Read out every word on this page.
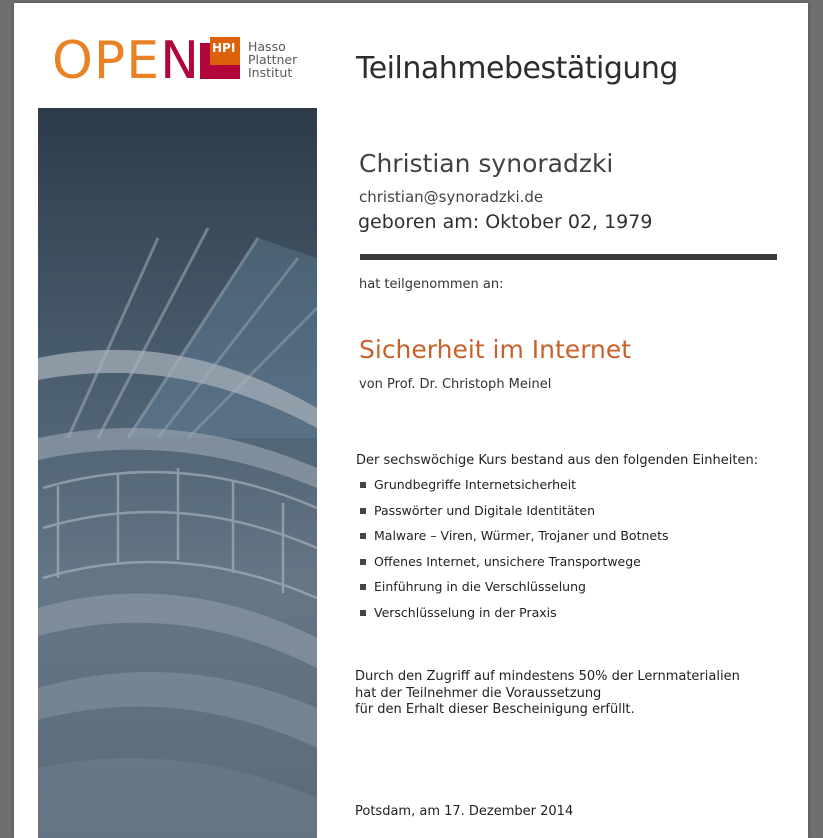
OPEN HPI Hasso
Plattner
Institut Teilnahmebestätigung
Christian synoradzki
christian@synoradzki.de
geboren am: Oktober 02, 1979
hat teilgenommen an:
Sicherheit im Internet
von Prof. Dr. Christoph Meinel
Der sechswöchige Kurs bestand aus den folgenden Einheiten:
Grundbegriffe Internetsicherheit
Passwörter und Digitale Identitäten
Malware – Viren, Würmer, Trojaner und Botnets
Offenes Internet, unsichere Transportwege
Einführung in die Verschlüsselung
Verschlüsselung in der Praxis
Durch den Zugriff auf mindestens 50% der Lernmaterialien
hat der Teilnehmer die Voraussetzung
für den Erhalt dieser Bescheinigung erfüllt.
Potsdam, am 17. Dezember 2014
